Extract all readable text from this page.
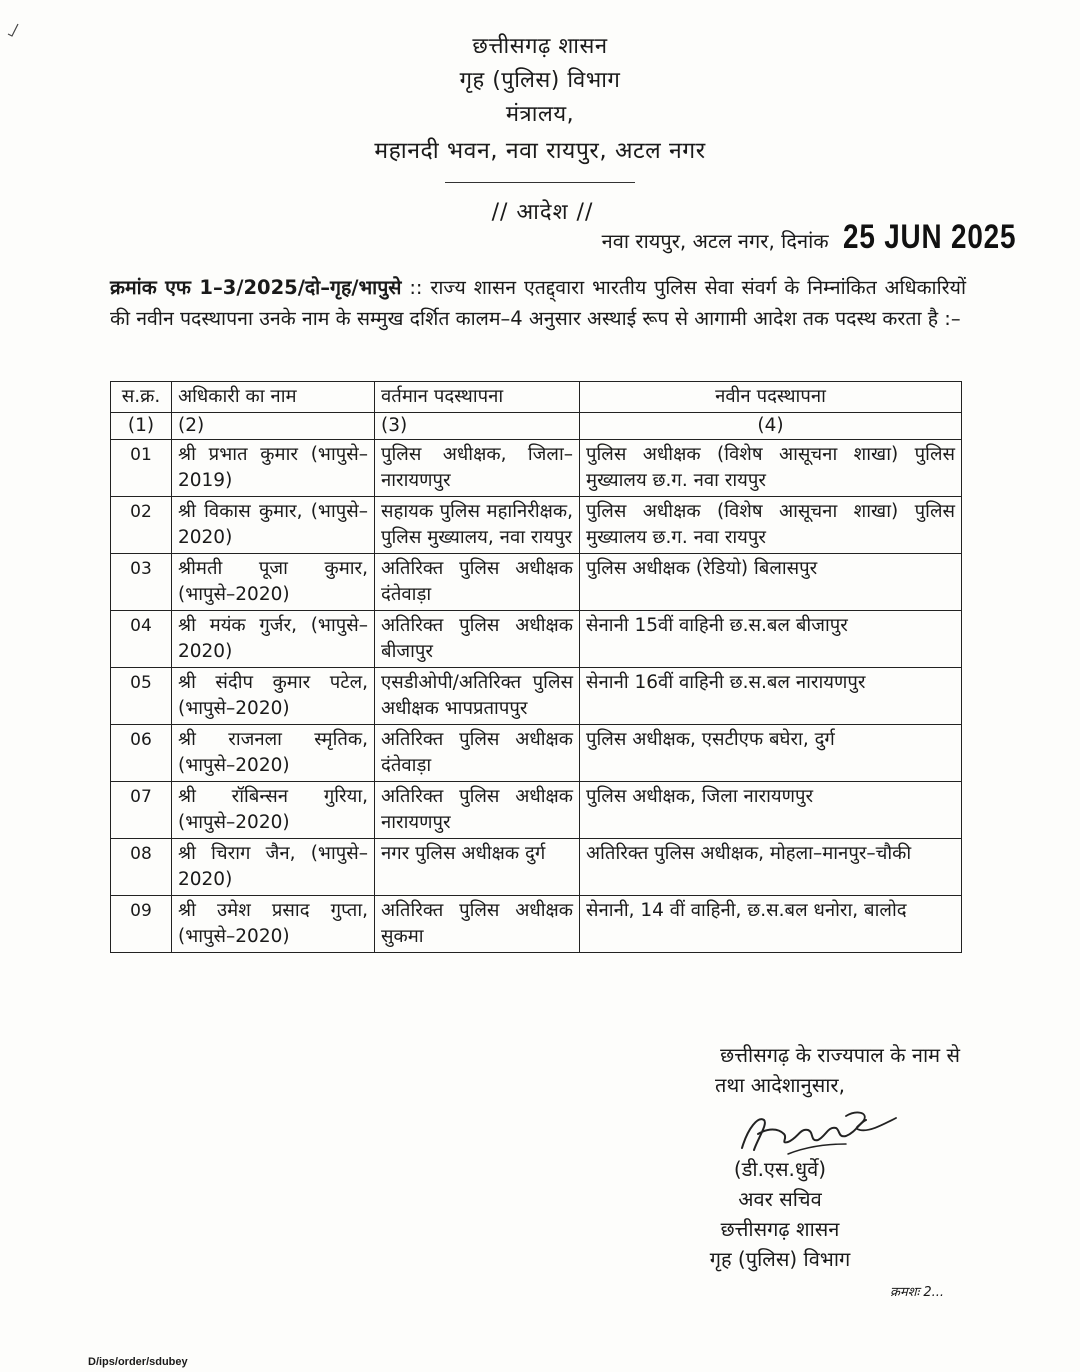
छत्तीसगढ़ शासन
गृह (पुलिस) विभाग
मंत्रालय,
महानदी भवन, नवा रायपुर, अटल नगर
// आदेश //
नवा रायपुर, अटल नगर, दिनांक 25 JUN 2025
क्रमांक एफ 1–3/2025/दो–गृह/भापुसे :: राज्य शासन एतद्द्वारा भारतीय पुलिस सेवा संवर्ग के निम्नांकित अधिकारियों की नवीन पदस्थापना उनके नाम के सम्मुख दर्शित कालम–4 अनुसार अस्थाई रूप से आगामी आदेश तक पदस्थ करता है :–
स.क्र.	अधिकारी का नाम	वर्तमान पदस्थापना	नवीन पदस्थापना
(1)	(2)	(3)	(4)
01	श्री प्रभात कुमार (भापुसे–2019)	पुलिस अधीक्षक, जिला–नारायणपुर	पुलिस अधीक्षक (विशेष आसूचना शाखा) पुलिस मुख्यालय छ.ग. नवा रायपुर
02	श्री विकास कुमार, (भापुसे– 2020)	सहायक पुलिस महानिरीक्षक, पुलिस मुख्यालय, नवा रायपुर	पुलिस अधीक्षक (विशेष आसूचना शाखा) पुलिस मुख्यालय छ.ग. नवा रायपुर
03	श्रीमती पूजा कुमार, (भापुसे–2020)	अतिरिक्त पुलिस अधीक्षक दंतेवाड़ा	पुलिस अधीक्षक (रेडियो) बिलासपुर
04	श्री मयंक गुर्जर, (भापुसे– 2020)	अतिरिक्त पुलिस अधीक्षक बीजापुर	सेनानी 15वीं वाहिनी छ.स.बल बीजापुर
05	श्री संदीप कुमार पटेल, (भापुसे–2020)	एसडीओपी/अतिरिक्त पुलिस अधीक्षक भापप्रतापपुर	सेनानी 16वीं वाहिनी छ.स.बल नारायणपुर
06	श्री राजनला स्मृतिक, (भापुसे–2020)	अतिरिक्त पुलिस अधीक्षक दंतेवाड़ा	पुलिस अधीक्षक, एसटीएफ बघेरा, दुर्ग
07	श्री रॉबिन्सन गुरिया, (भापुसे–2020)	अतिरिक्त पुलिस अधीक्षक नारायणपुर	पुलिस अधीक्षक, जिला नारायणपुर
08	श्री चिराग जैन, (भापुसे– 2020)	नगर पुलिस अधीक्षक दुर्ग	अतिरिक्त पुलिस अधीक्षक, मोहला–मानपुर–चौकी
09	श्री उमेश प्रसाद गुप्ता, (भापुसे–2020)	अतिरिक्त पुलिस अधीक्षक सुकमा	सेनानी, 14 वीं वाहिनी, छ.स.बल धनोरा, बालोद
छत्तीसगढ़ के राज्यपाल के नाम से
तथा आदेशानुसार,
(डी.एस.धुर्वे)
अवर सचिव
छत्तीसगढ़ शासन
गृह (पुलिस) विभाग
क्रमशः 2...
D/ips/order/sdubey
